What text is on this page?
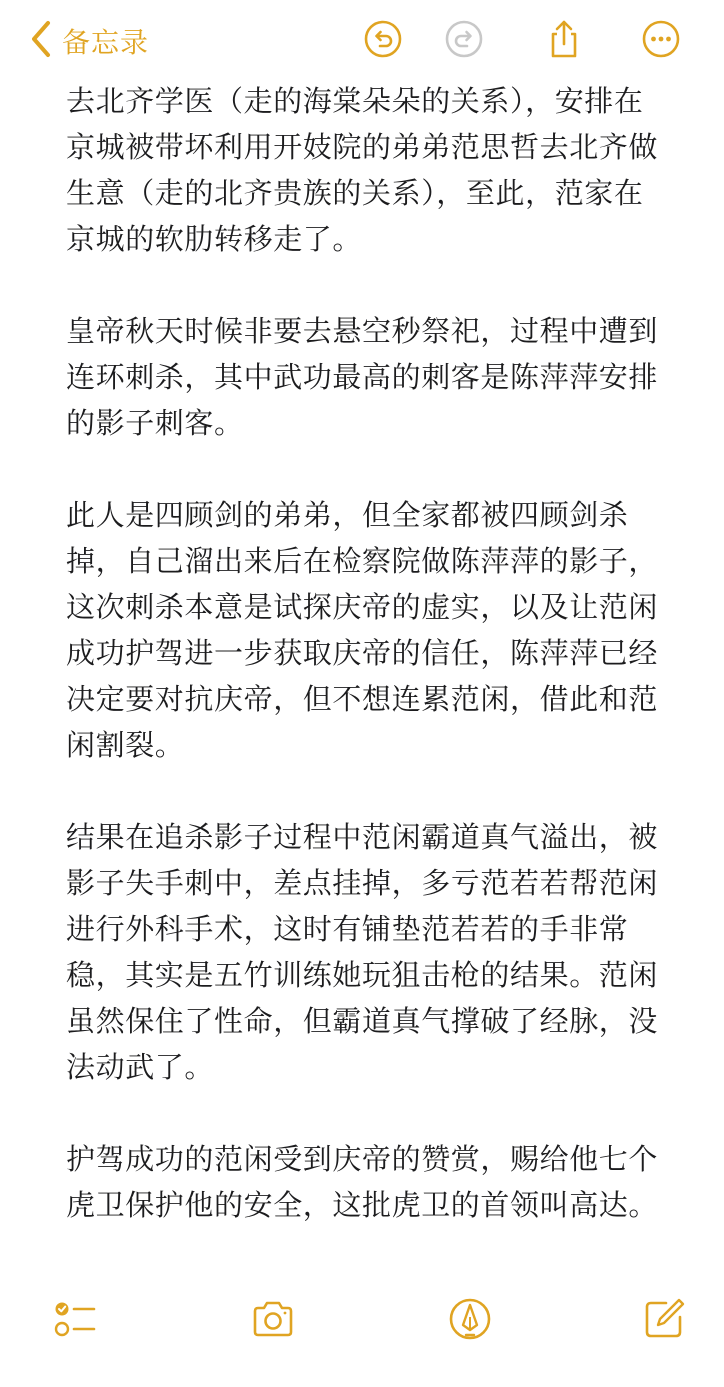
备忘录

去北齐学医（走的海棠朵朵的关系），安排在京城被带坏利用开妓院的弟弟范思哲去北齐做生意（走的北齐贵族的关系），至此，范家在京城的软肋转移走了。

皇帝秋天时候非要去悬空秒祭祀，过程中遭到连环刺杀，其中武功最高的刺客是陈萍萍安排的影子刺客。

此人是四顾剑的弟弟，但全家都被四顾剑杀掉，自己溜出来后在检察院做陈萍萍的影子，这次刺杀本意是试探庆帝的虚实，以及让范闲成功护驾进一步获取庆帝的信任，陈萍萍已经决定要对抗庆帝，但不想连累范闲，借此和范闲割裂。

结果在追杀影子过程中范闲霸道真气溢出，被影子失手刺中，差点挂掉，多亏范若若帮范闲进行外科手术，这时有铺垫范若若的手非常稳，其实是五竹训练她玩狙击枪的结果。范闲虽然保住了性命，但霸道真气撑破了经脉，没法动武了。

护驾成功的范闲受到庆帝的赞赏，赐给他七个虎卫保护他的安全，这批虎卫的首领叫高达。
